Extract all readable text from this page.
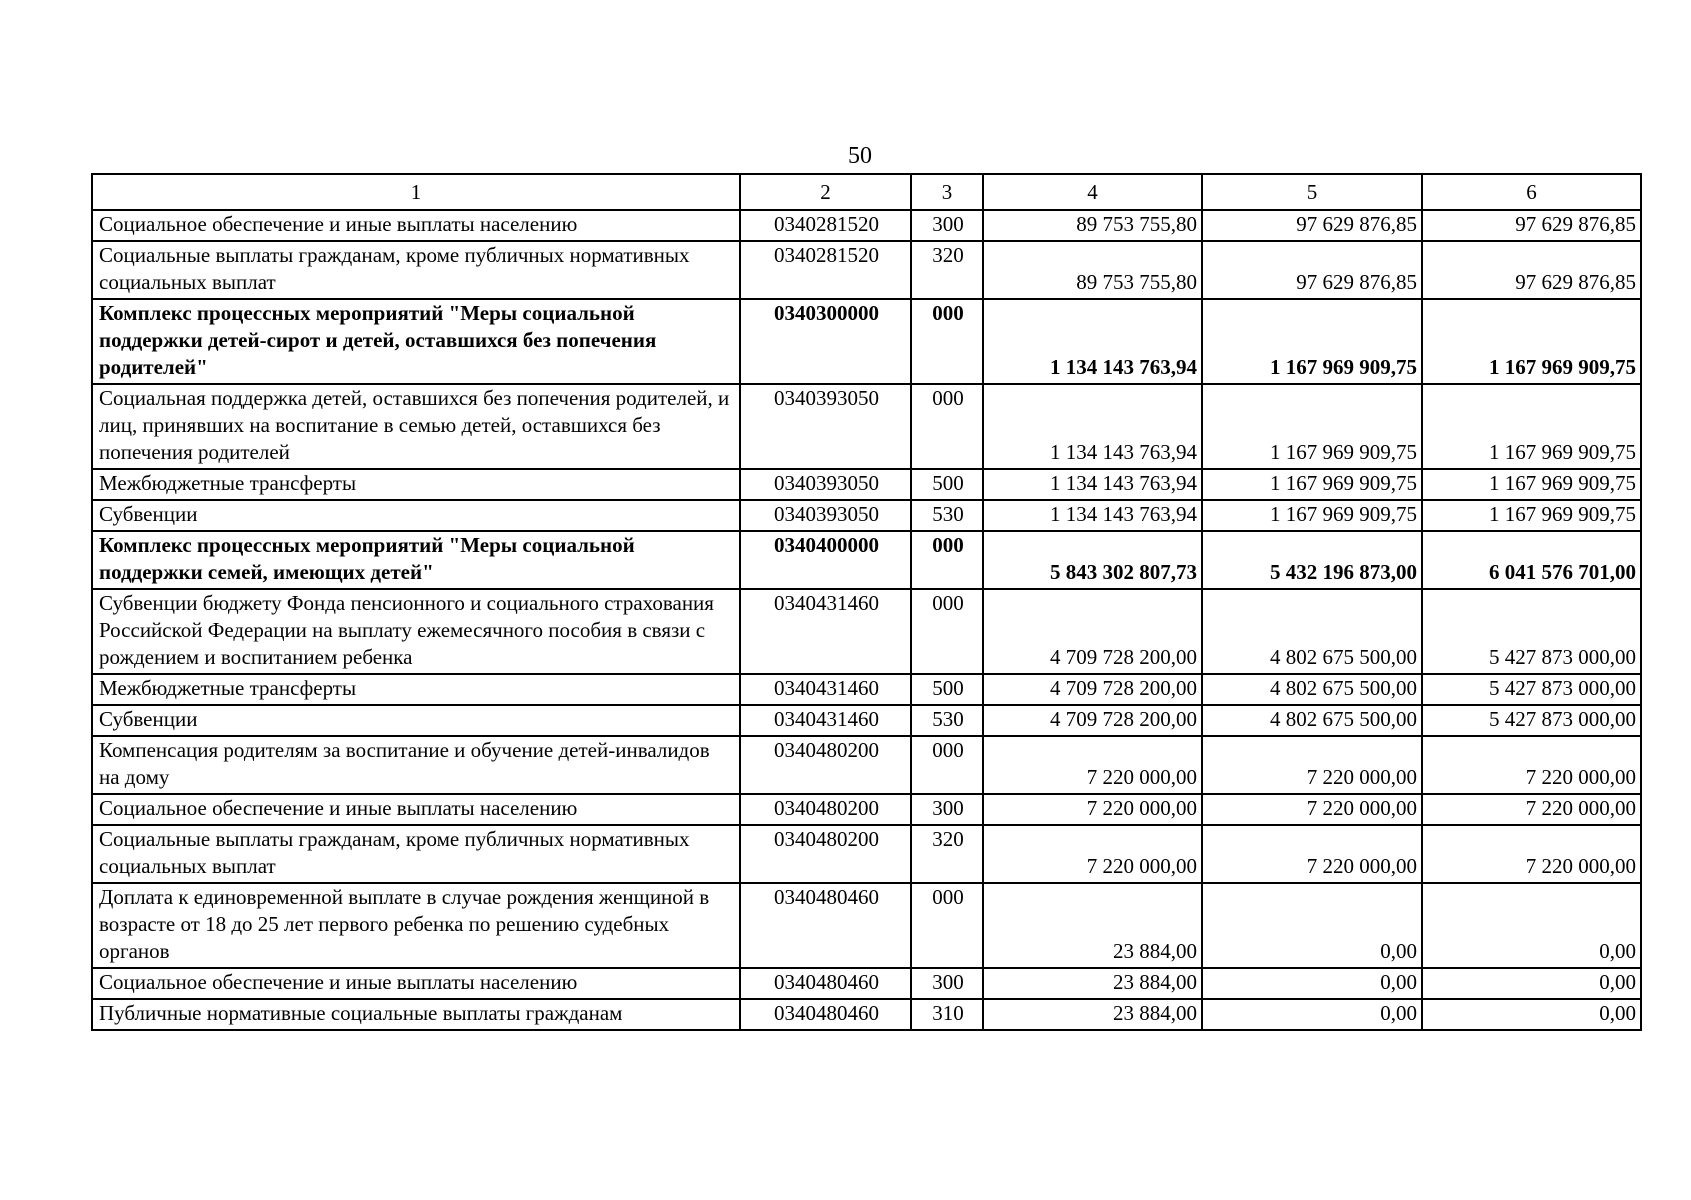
50
1	2	3	4	5	6
Социальное обеспечение и иные выплаты населению	0340281520	300	89 753 755,80	97 629 876,85	97 629 876,85
Социальные выплаты гражданам, кроме публичных нормативных социальных выплат	0340281520	320	89 753 755,80	97 629 876,85	97 629 876,85
Комплекс процессных мероприятий "Меры социальной поддержки детей-сирот и детей, оставшихся без попечения родителей"	0340300000	000	1 134 143 763,94	1 167 969 909,75	1 167 969 909,75
Социальная поддержка детей, оставшихся без попечения родителей, и лиц, принявших на воспитание в семью детей, оставшихся без попечения родителей	0340393050	000	1 134 143 763,94	1 167 969 909,75	1 167 969 909,75
Межбюджетные трансферты	0340393050	500	1 134 143 763,94	1 167 969 909,75	1 167 969 909,75
Субвенции	0340393050	530	1 134 143 763,94	1 167 969 909,75	1 167 969 909,75
Комплекс процессных мероприятий "Меры социальной поддержки семей, имеющих детей"	0340400000	000	5 843 302 807,73	5 432 196 873,00	6 041 576 701,00
Субвенции бюджету Фонда пенсионного и социального страхования Российской Федерации на выплату ежемесячного пособия в связи с рождением и воспитанием ребенка	0340431460	000	4 709 728 200,00	4 802 675 500,00	5 427 873 000,00
Межбюджетные трансферты	0340431460	500	4 709 728 200,00	4 802 675 500,00	5 427 873 000,00
Субвенции	0340431460	530	4 709 728 200,00	4 802 675 500,00	5 427 873 000,00
Компенсация родителям за воспитание и обучение детей-инвалидов на дому	0340480200	000	7 220 000,00	7 220 000,00	7 220 000,00
Социальное обеспечение и иные выплаты населению	0340480200	300	7 220 000,00	7 220 000,00	7 220 000,00
Социальные выплаты гражданам, кроме публичных нормативных социальных выплат	0340480200	320	7 220 000,00	7 220 000,00	7 220 000,00
Доплата к единовременной выплате в случае рождения женщиной в возрасте от 18 до 25 лет первого ребенка по решению судебных органов	0340480460	000	23 884,00	0,00	0,00
Социальное обеспечение и иные выплаты населению	0340480460	300	23 884,00	0,00	0,00
Публичные нормативные социальные выплаты гражданам	0340480460	310	23 884,00	0,00	0,00
